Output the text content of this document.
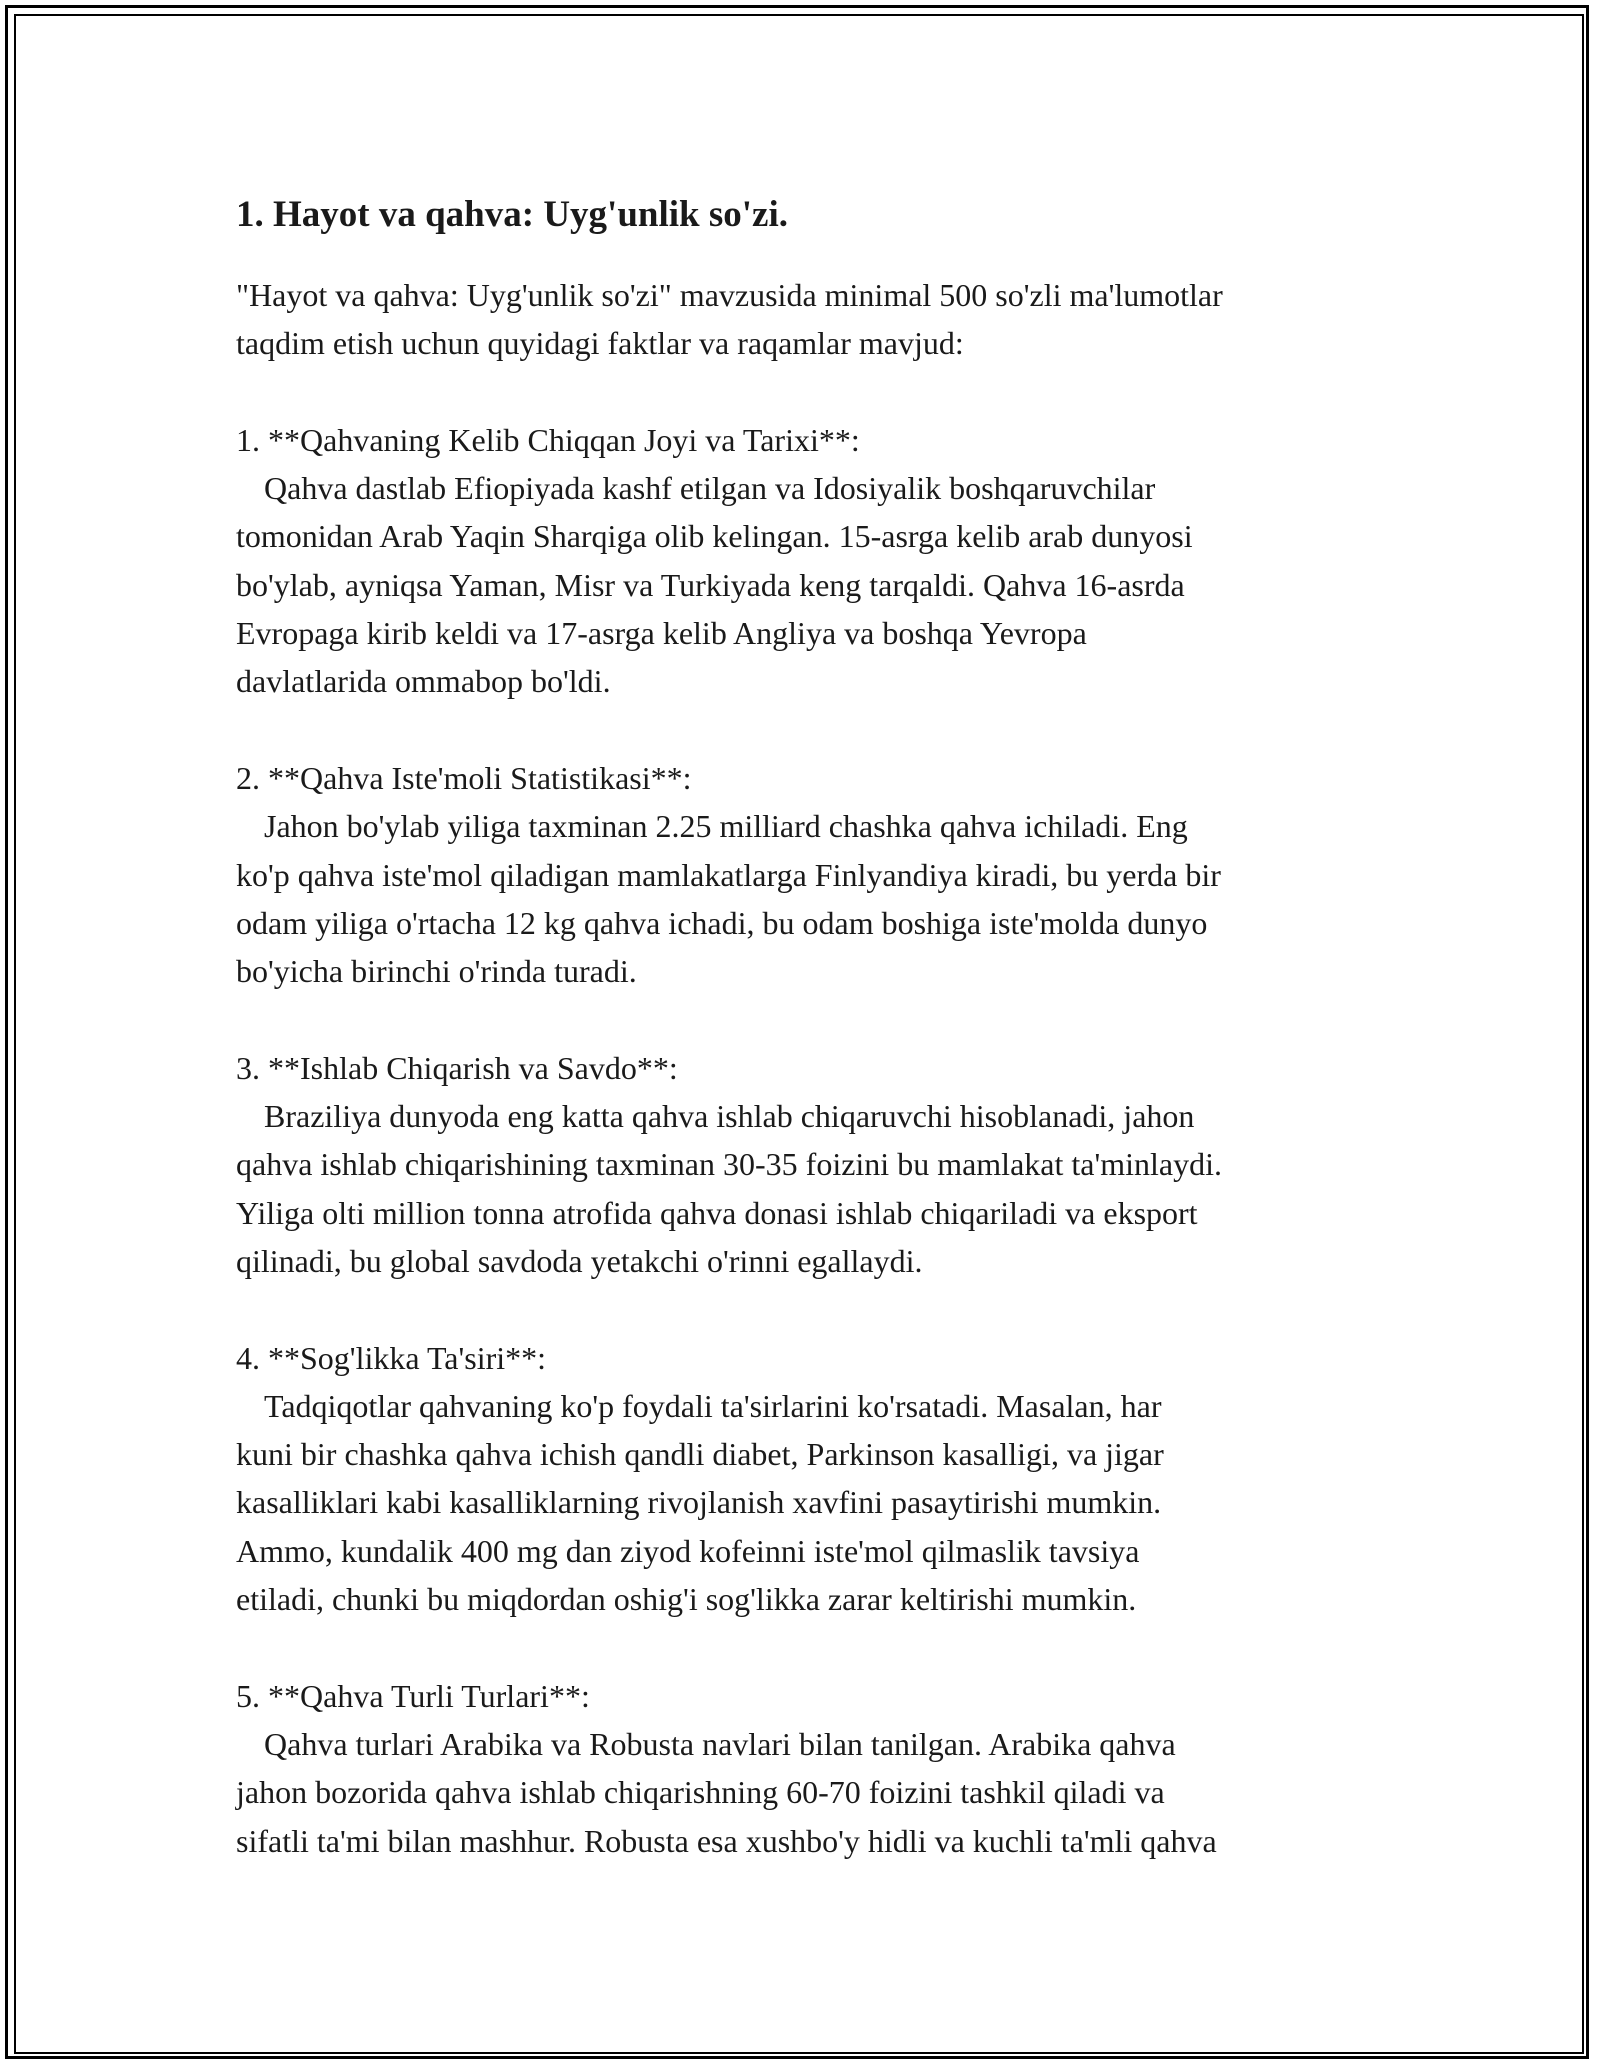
1. Hayot va qahva: Uyg'unlik so'zi.

"Hayot va qahva: Uyg'unlik so'zi" mavzusida minimal 500 so'zli ma'lumotlar
taqdim etish uchun quyidagi faktlar va raqamlar mavjud:

1. **Qahvaning Kelib Chiqqan Joyi va Tarixi**:

Qahva dastlab Efiopiyada kashf etilgan va Idosiyalik boshqaruvchilar
tomonidan Arab Yaqin Sharqiga olib kelingan. 15-asrga kelib arab dunyosi
bo'ylab, ayniqsa Yaman, Misr va Turkiyada keng tarqaldi. Qahva 16-asrda
Evropaga kirib keldi va 17-asrga kelib Angliya va boshqa Yevropa
davlatlarida ommabop bo'ldi.

2. **Qahva Iste'moli Statistikasi**:

Jahon bo'ylab yiliga taxminan 2.25 milliard chashka qahva ichiladi. Eng
ko'p qahva iste'mol qiladigan mamlakatlarga Finlyandiya kiradi, bu yerda bir
odam yiliga o'rtacha 12 kg qahva ichadi, bu odam boshiga iste'molda dunyo
bo'yicha birinchi o'rinda turadi.

3. **Ishlab Chiqarish va Savdo**:

Braziliya dunyoda eng katta qahva ishlab chiqaruvchi hisoblanadi, jahon
qahva ishlab chiqarishining taxminan 30-35 foizini bu mamlakat ta'minlaydi.
Yiliga olti million tonna atrofida qahva donasi ishlab chiqariladi va eksport
qilinadi, bu global savdoda yetakchi o'rinni egallaydi.

4. **Sog'likka Ta'siri**:

Tadqiqotlar qahvaning ko'p foydali ta'sirlarini ko'rsatadi. Masalan, har
kuni bir chashka qahva ichish qandli diabet, Parkinson kasalligi, va jigar
kasalliklari kabi kasalliklarning rivojlanish xavfini pasaytirishi mumkin.
Ammo, kundalik 400 mg dan ziyod kofeinni iste'mol qilmaslik tavsiya
etiladi, chunki bu miqdordan oshig'i sog'likka zarar keltirishi mumkin.

5. **Qahva Turli Turlari**:

Qahva turlari Arabika va Robusta navlari bilan tanilgan. Arabika qahva
jahon bozorida qahva ishlab chiqarishning 60-70 foizini tashkil qiladi va
sifatli ta'mi bilan mashhur. Robusta esa xushbo'y hidli va kuchli ta'mli qahva
